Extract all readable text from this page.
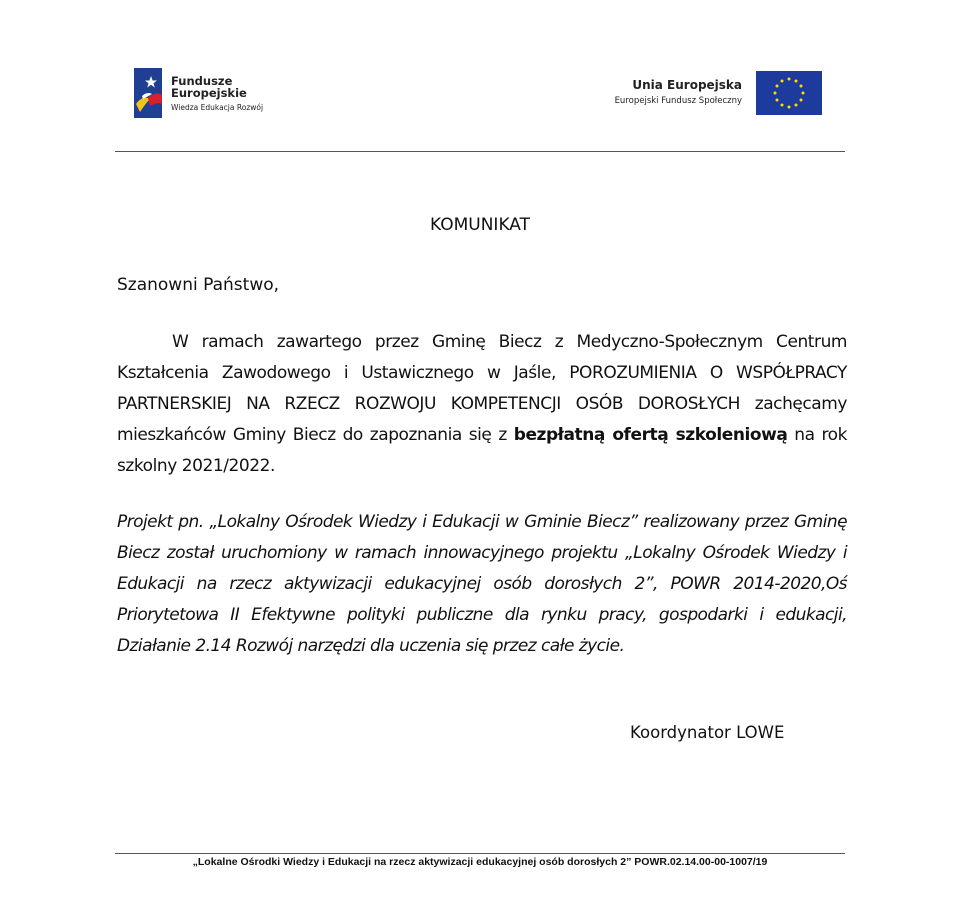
Fundusze
Europejskie
Wiedza Edukacja Rozwój
Unia Europejska
Europejski Fundusz Społeczny
KOMUNIKAT
Szanowni Państwo,
W ramach zawartego przez Gminę Biecz z Medyczno-Społecznym Centrum Kształcenia Zawodowego i Ustawicznego w Jaśle, POROZUMIENIA O WSPÓŁPRACY PARTNERSKIEJ NA RZECZ ROZWOJU KOMPETENCJI OSÓB DOROSŁYCH zachęcamy mieszkańców Gminy Biecz do zapoznania się z bezpłatną ofertą szkoleniową na rok szkolny 2021/2022.
Projekt pn. „Lokalny Ośrodek Wiedzy i Edukacji w Gminie Biecz” realizowany przez Gminę Biecz został uruchomiony w ramach innowacyjnego projektu „Lokalny Ośrodek Wiedzy i Edukacji na rzecz aktywizacji edukacyjnej osób dorosłych 2”, POWR 2014-2020,Oś Priorytetowa II Efektywne polityki publiczne dla rynku pracy, gospodarki i edukacji, Działanie 2.14 Rozwój narzędzi dla uczenia się przez całe życie.
Koordynator LOWE
„Lokalne Ośrodki Wiedzy i Edukacji na rzecz aktywizacji edukacyjnej osób dorosłych 2” POWR.02.14.00-00-1007/19
